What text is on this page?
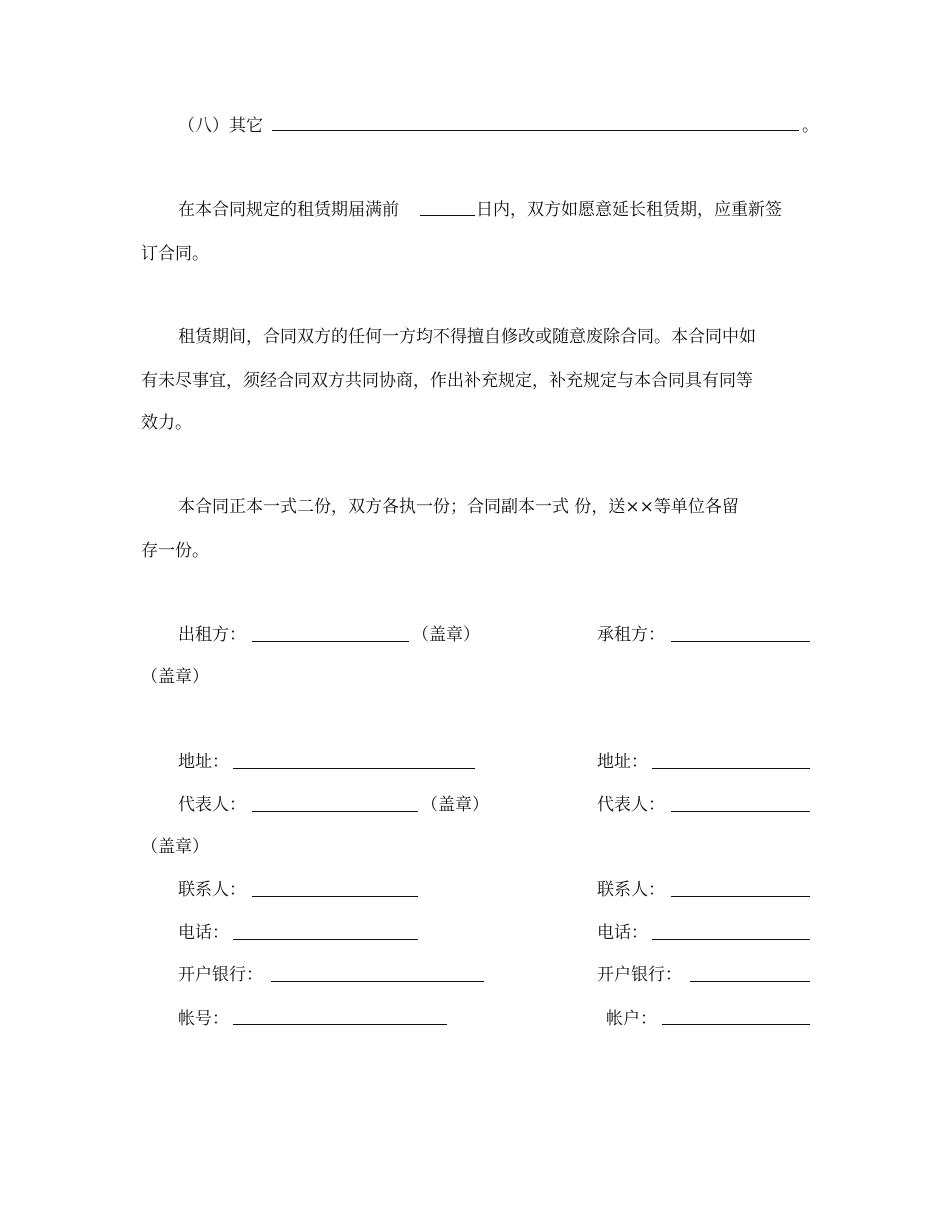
（八）其它	。
在本合同规定的租赁期届满前	日内，双方如愿意延长租赁期，应重新签
订合同。
租赁期间，合同双方的任何一方均不得擅自修改或随意废除合同。本合同中如
有未尽事宜，须经合同双方共同协商，作出补充规定，补充规定与本合同具有同等
效力。
本合同正本一式二份，双方各执一份；合同副本一式 份，送××等单位各留
存一份。
出租方：	（盖章）	承租方：
（盖章）
地址：	地址：
代表人：	（盖章）	代表人：
（盖章）
联系人：	联系人：
电话：	电话：
开户银行：	开户银行：
帐号：	帐户：
